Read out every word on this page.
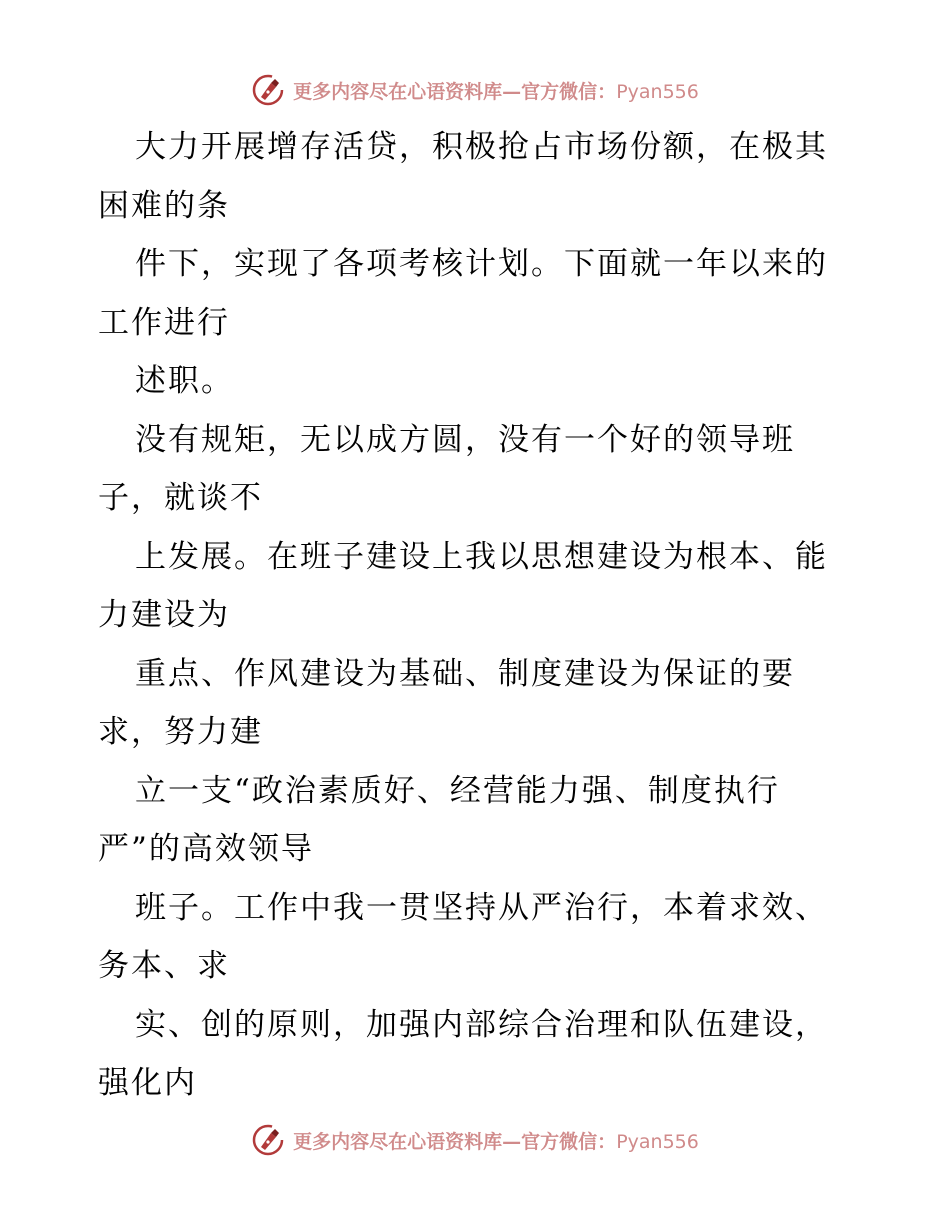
更多内容尽在心语资料库—官方微信：Pyan556
大力开展增存活贷，积极抢占市场份额，在极其
困难的条
件下，实现了各项考核计划。下面就一年以来的
工作进行
述职。
没有规矩，无以成方圆，没有一个好的领导班
子，就谈不
上发展。在班子建设上我以思想建设为根本、能
力建设为
重点、作风建设为基础、制度建设为保证的要
求，努力建
立一支“政治素质好、经营能力强、制度执行
严”的高效领导
班子。工作中我一贯坚持从严治行，本着求效、
务本、求
实、创的原则，加强内部综合治理和队伍建设，
强化内
更多内容尽在心语资料库—官方微信：Pyan556
